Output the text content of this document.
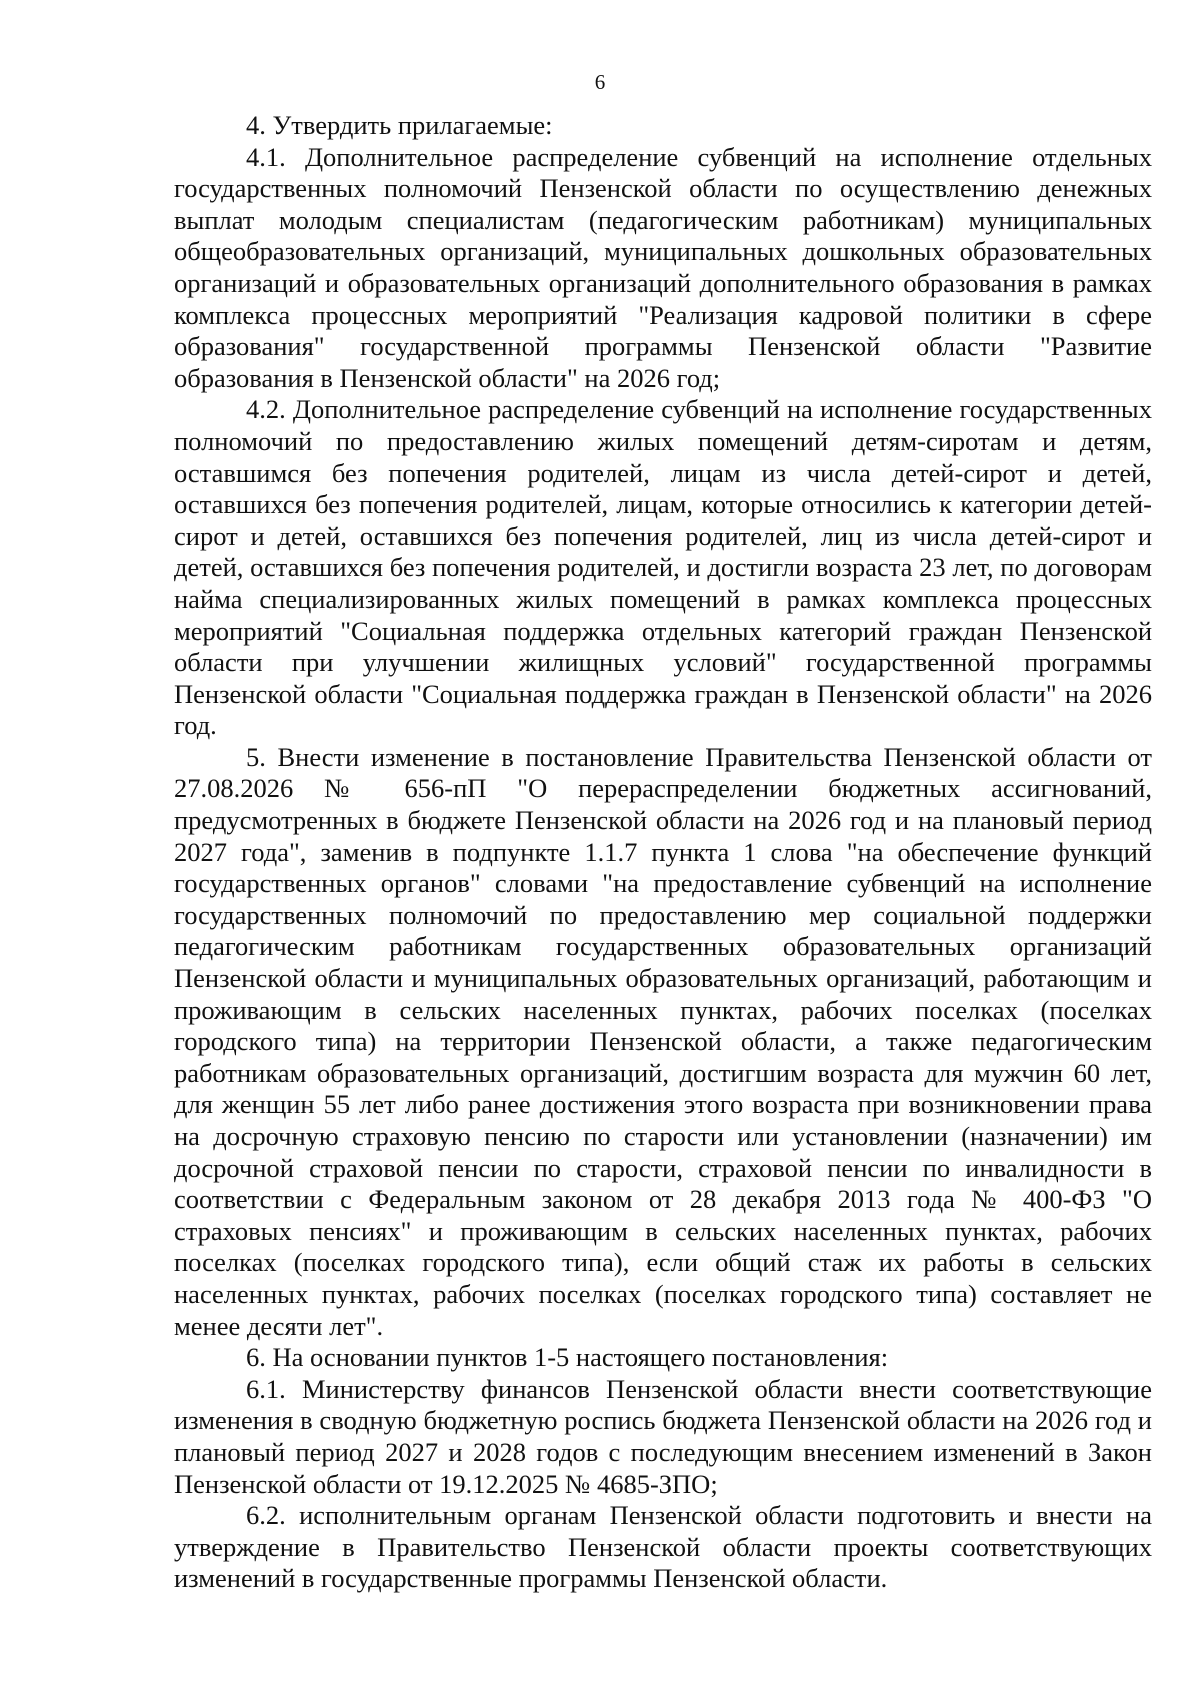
6

4. Утвердить прилагаемые:

4.1. Дополнительное распределение субвенций на исполнение отдельных государственных полномочий Пензенской области по осуществлению денежных выплат молодым специалистам (педагогическим работникам) муниципальных общеобразовательных организаций, муниципальных дошкольных образовательных организаций и образовательных организаций дополнительного образования в рамках комплекса процессных мероприятий "Реализация кадровой политики в сфере образования" государственной программы Пензенской области "Развитие образования в Пензенской области" на 2026 год;

4.2. Дополнительное распределение субвенций на исполнение государственных полномочий по предоставлению жилых помещений детям-сиротам и детям, оставшимся без попечения родителей, лицам из числа детей-сирот и детей, оставшихся без попечения родителей, лицам, которые относились к категории детей-сирот и детей, оставшихся без попечения родителей, лиц из числа детей-сирот и детей, оставшихся без попечения родителей, и достигли возраста 23 лет, по договорам найма специализированных жилых помещений в рамках комплекса процессных мероприятий "Социальная поддержка отдельных категорий граждан Пензенской области при улучшении жилищных условий" государственной программы Пензенской области "Социальная поддержка граждан в Пензенской области" на 2026 год.

5. Внести изменение в постановление Правительства Пензенской области от 27.08.2026 № 656-пП "О перераспределении бюджетных ассигнований, предусмотренных в бюджете Пензенской области на 2026 год и на плановый период 2027 года", заменив в подпункте 1.1.7 пункта 1 слова "на обеспечение функций государственных органов" словами "на предоставление субвенций на исполнение государственных полномочий по предоставлению мер социальной поддержки педагогическим работникам государственных образовательных организаций Пензенской области и муниципальных образовательных организаций, работающим и проживающим в сельских населенных пунктах, рабочих поселках (поселках городского типа) на территории Пензенской области, а также педагогическим работникам образовательных организаций, достигшим возраста для мужчин 60 лет, для женщин 55 лет либо ранее достижения этого возраста при возникновении права на досрочную страховую пенсию по старости или установлении (назначении) им досрочной страховой пенсии по старости, страховой пенсии по инвалидности в соответствии с Федеральным законом от 28 декабря 2013 года № 400-ФЗ "О страховых пенсиях" и проживающим в сельских населенных пунктах, рабочих поселках (поселках городского типа), если общий стаж их работы в сельских населенных пунктах, рабочих поселках (поселках городского типа) составляет не менее десяти лет".

6. На основании пунктов 1-5 настоящего постановления:

6.1. Министерству финансов Пензенской области внести соответствующие изменения в сводную бюджетную роспись бюджета Пензенской области на 2026 год и плановый период 2027 и 2028 годов с последующим внесением изменений в Закон Пензенской области от 19.12.2025 № 4685-ЗПО;

6.2. исполнительным органам Пензенской области подготовить и внести на утверждение в Правительство Пензенской области проекты соответствующих изменений в государственные программы Пензенской области.
